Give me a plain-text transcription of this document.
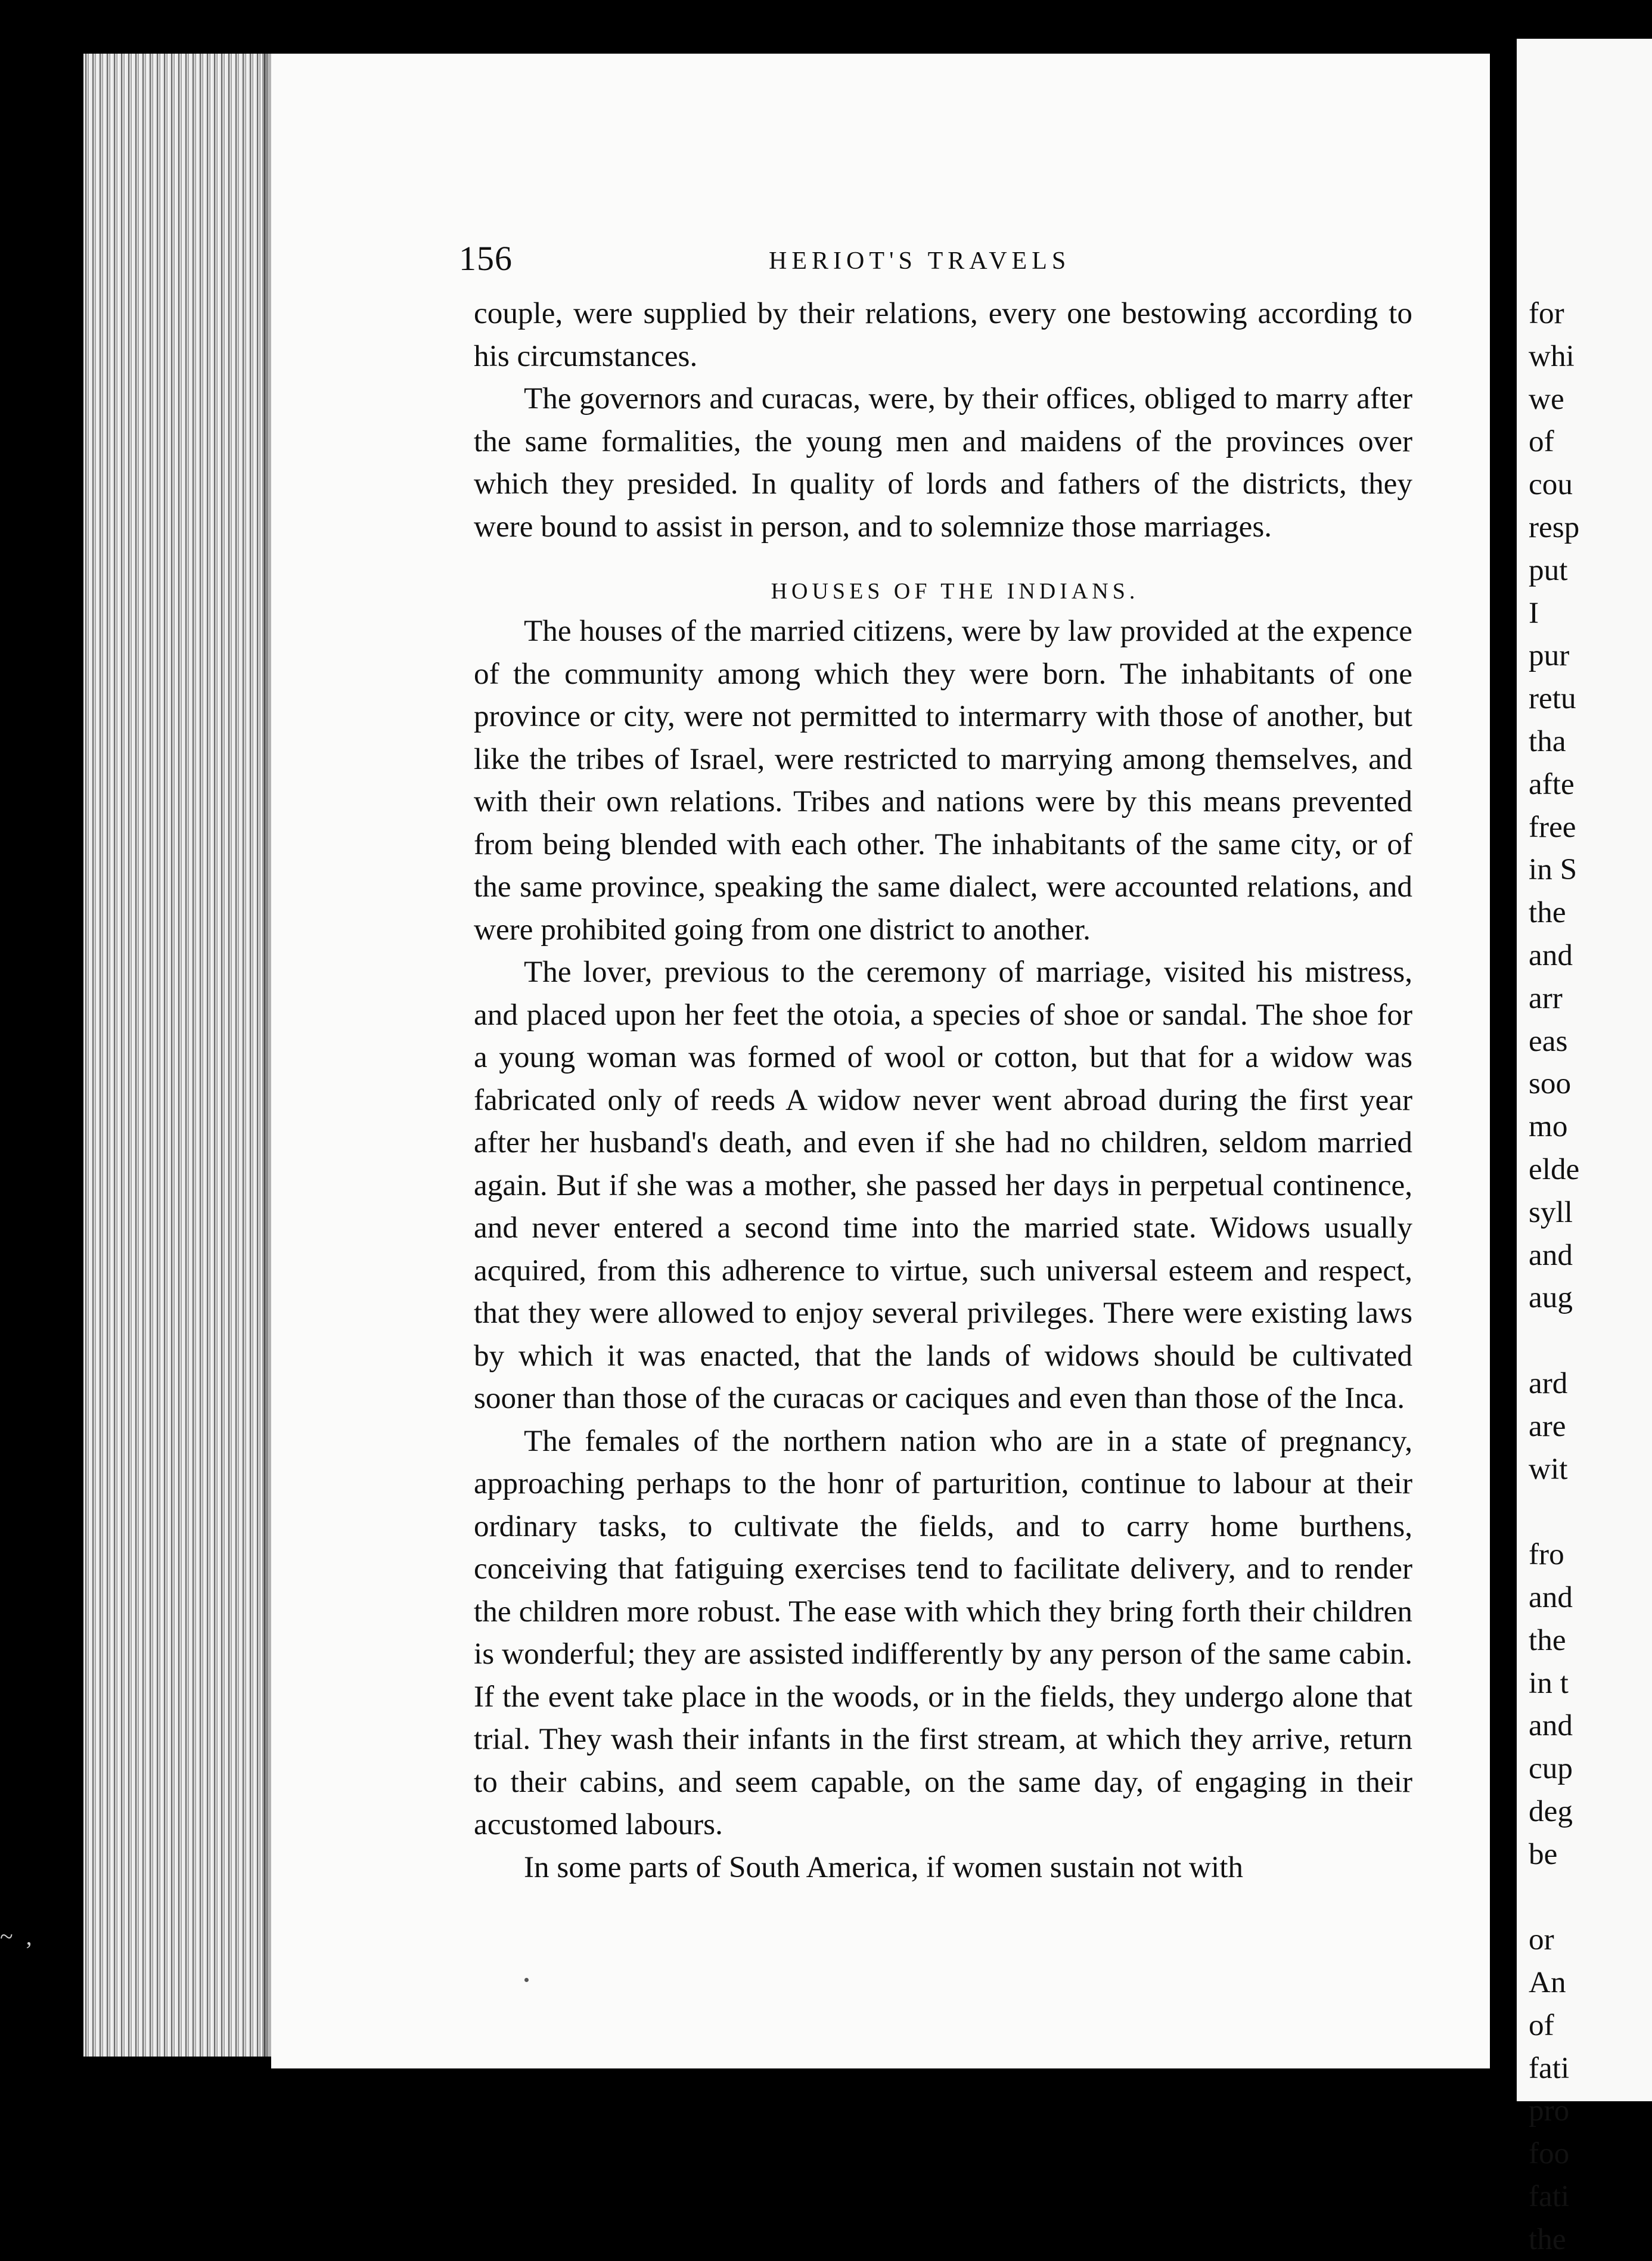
156	HERIOT'S TRAVELS

couple, were supplied by their relations, every one bestowing according to his circumstances.

The governors and curacas, were, by their offices, obliged to marry after the same formalities, the young men and maidens of the provinces over which they presided. In quality of lords and fathers of the districts, they were bound to assist in person, and to solemnize those marriages.

HOUSES OF THE INDIANS.

The houses of the married citizens, were by law provided at the expence of the community among which they were born. The inhabitants of one province or city, were not permitted to intermarry with those of another, but like the tribes of Israel, were restricted to marrying among themselves, and with their own relations. Tribes and nations were by this means prevented from being blended with each other. The inhabitants of the same city, or of the same province, speaking the same dialect, were accounted relations, and were prohibited going from one district to another.

The lover, previous to the ceremony of marriage, visited his mistress, and placed upon her feet the otoia, a species of shoe or sandal. The shoe for a young woman was formed of wool or cotton, but that for a widow was fabricated only of reeds A widow never went abroad during the first year after her husband's death, and even if she had no children, seldom married again. But if she was a mother, she passed her days in perpetual continence, and never entered a second time into the married state. Widows usually acquired, from this adherence to virtue, such universal esteem and respect, that they were allowed to enjoy several privileges. There were existing laws by which it was enacted, that the lands of widows should be cultivated sooner than those of the curacas or caciques and even than those of the Inca.

The females of the northern nation who are in a state of pregnancy, approaching perhaps to the honr of parturition, continue to labour at their ordinary tasks, to cultivate the fields, and to carry home burthens, conceiving that fatiguing exercises tend to facilitate delivery, and to render the children more robust. The ease with which they bring forth their children is wonderful; they are assisted indifferently by any person of the same cabin. If the event take place in the woods, or in the fields, they undergo alone that trial. They wash their infants in the first stream, at which they arrive, return to their cabins, and seem capable, on the same day, of engaging in their accustomed labours.

In some parts of South America, if women sustain not with

for
whi
we
of
cou
resp
put
I
pur
retu
tha
afte
free
in S
the
and
arr
eas
soo
mo
elde
syll
and
aug
ard
are
wit
fro
and
the
in t
and
cup
deg
be
or
An
of
fati
pro
foo
fati
the
~ ,
